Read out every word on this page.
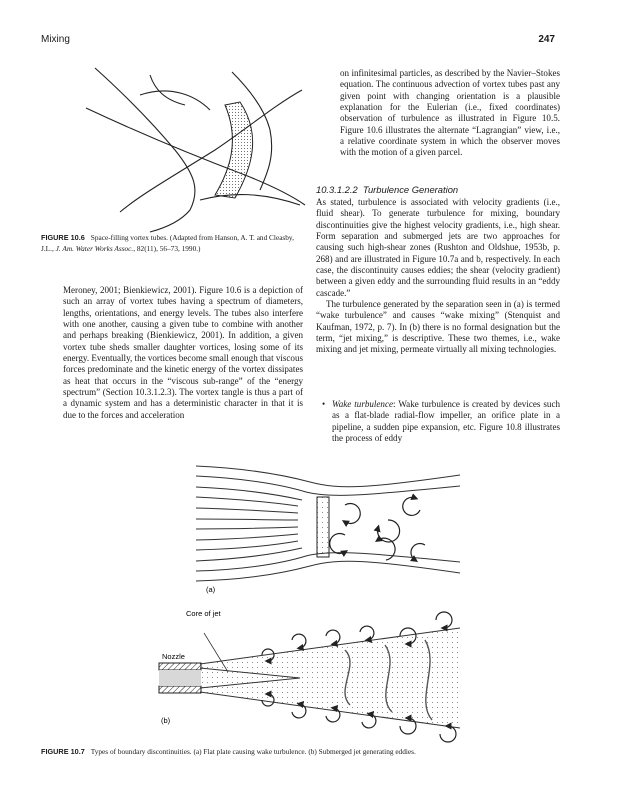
Mixing	247

FIGURE 10.6 Space-filling vortex tubes. (Adapted from Hanson, A. T. and Cleasby, J.L., J. Am. Water Works Assoc., 82(11), 56–73, 1990.)

Meroney, 2001; Bienkiewicz, 2001). Figure 10.6 is a depiction of such an array of vortex tubes having a spectrum of diameters, lengths, orientations, and energy levels. The tubes also interfere with one another, causing a given tube to combine with another and perhaps breaking (Bienkiewicz, 2001). In addition, a given vortex tube sheds smaller daughter vortices, losing some of its energy. Eventually, the vortices become small enough that viscous forces predominate and the kinetic energy of the vortex dissipates as heat that occurs in the “viscous sub-range” of the “energy spectrum” (Section 10.3.1.2.3). The vortex tangle is thus a part of a dynamic system and has a deterministic character in that it is due to the forces and acceleration
on infinitesimal particles, as described by the Navier–Stokes equation. The continuous advection of vortex tubes past any given point with changing orientation is a plausible explanation for the Eulerian (i.e., fixed coordinates) observation of turbulence as illustrated in Figure 10.5. Figure 10.6 illustrates the alternate “Lagrangian” view, i.e., a relative coordinate system in which the observer moves with the motion of a given parcel.
10.3.1.2.2 Turbulence Generation

As stated, turbulence is associated with velocity gradients (i.e., fluid shear). To generate turbulence for mixing, boundary discontinuities give the highest velocity gradients, i.e., high shear. Form separation and submerged jets are two approaches for causing such high-shear zones (Rushton and Oldshue, 1953b, p. 268) and are illustrated in Figure 10.7a and b, respectively. In each case, the discontinuity causes eddies; the shear (velocity gradient) between a given eddy and the surrounding fluid results in an “eddy cascade.”

The turbulence generated by the separation seen in (a) is termed “wake turbulence” and causes “wake mixing” (Stenquist and Kaufman, 1972, p. 7). In (b) there is no formal designation but the term, “jet mixing,” is descriptive. These two themes, i.e., wake mixing and jet mixing, permeate virtually all mixing technologies.

• Wake turbulence: Wake turbulence is created by devices such as a flat-blade radial-flow impeller, an orifice plate in a pipeline, a sudden pipe expansion, etc. Figure 10.8 illustrates the process of eddy
(a)
Core of jet
Nozzle
(b)

FIGURE 10.7 Types of boundary discontinuities. (a) Flat plate causing wake turbulence. (b) Submerged jet generating eddies.
